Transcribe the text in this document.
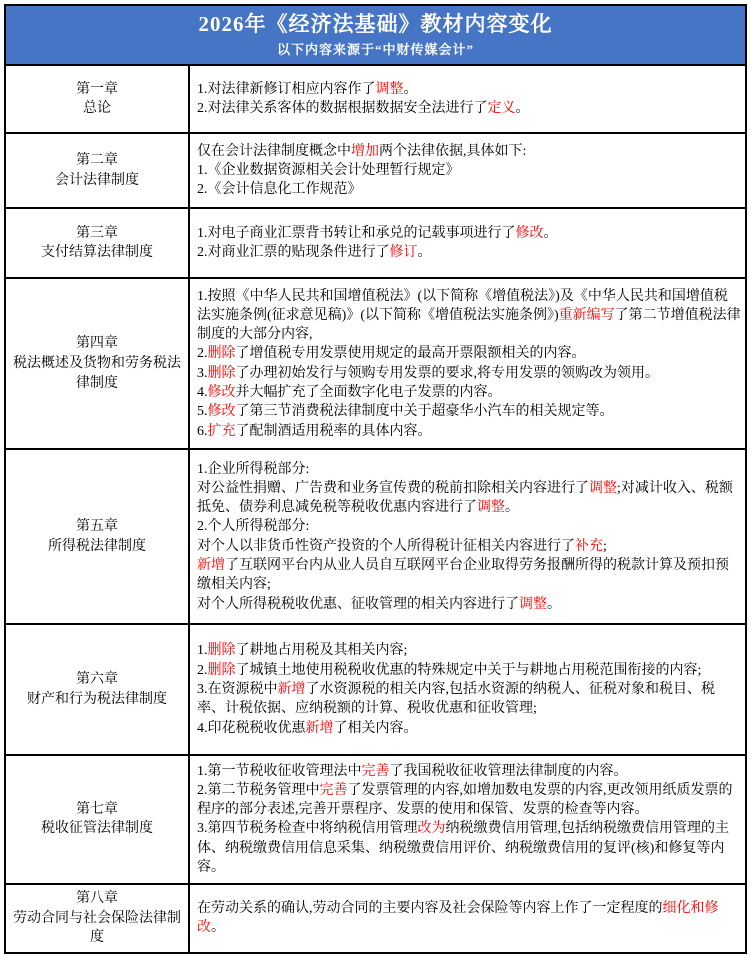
2026年《经济法基础》教材内容变化
以下内容来源于“中财传媒会计”
第一章
总论
1.对法律新修订相应内容作了调整。
2.对法律关系客体的数据根据数据安全法进行了定义。
第二章
会计法律制度
仅在会计法律制度概念中增加两个法律依据,具体如下:
1.《企业数据资源相关会计处理暂行规定》
2.《会计信息化工作规范》
第三章
支付结算法律制度
1.对电子商业汇票背书转让和承兑的记载事项进行了修改。
2.对商业汇票的贴现条件进行了修订。
第四章
税法概述及货物和劳务税法律制度
1.按照《中华人民共和国增值税法》(以下简称《增值税法》)及《中华人民共和国增值税法实施条例(征求意见稿)》(以下简称《增值税法实施条例》)重新编写了第二节增值税法律制度的大部分内容,
2.删除了增值税专用发票使用规定的最高开票限额相关的内容。
3.删除了办理初始发行与领购专用发票的要求,将专用发票的领购改为领用。
4.修改并大幅扩充了全面数字化电子发票的内容。
5.修改了第三节消费税法律制度中关于超豪华小汽车的相关规定等。
6.扩充了配制酒适用税率的具体内容。
第五章
所得税法律制度
1.企业所得税部分:
对公益性捐赠、广告费和业务宣传费的税前扣除相关内容进行了调整;对减计收入、税额抵免、债券利息减免税等税收优惠内容进行了调整。
2.个人所得税部分:
对个人以非货币性资产投资的个人所得税计征相关内容进行了补充;
新增了互联网平台内从业人员自互联网平台企业取得劳务报酬所得的税款计算及预扣预缴相关内容;
对个人所得税税收优惠、征收管理的相关内容进行了调整。
第六章
财产和行为税法律制度
1.删除了耕地占用税及其相关内容;
2.删除了城镇土地使用税税收优惠的特殊规定中关于与耕地占用税范围衔接的内容;
3.在资源税中新增了水资源税的相关内容,包括水资源的纳税人、征税对象和税目、税率、计税依据、应纳税额的计算、税收优惠和征收管理;
4.印花税税收优惠新增了相关内容。
第七章
税收征管法律制度
1.第一节税收征收管理法中完善了我国税收征收管理法律制度的内容。
2.第二节税务管理中完善了发票管理的内容,如增加数电发票的内容,更改领用纸质发票的程序的部分表述,完善开票程序、发票的使用和保管、发票的检查等内容。
3.第四节税务检查中将纳税信用管理改为纳税缴费信用管理,包括纳税缴费信用管理的主体、纳税缴费信用信息采集、纳税缴费信用评价、纳税缴费信用的复评(核)和修复等内容。
第八章
劳动合同与社会保险法律制度
在劳动关系的确认,劳动合同的主要内容及社会保险等内容上作了一定程度的细化和修改。
